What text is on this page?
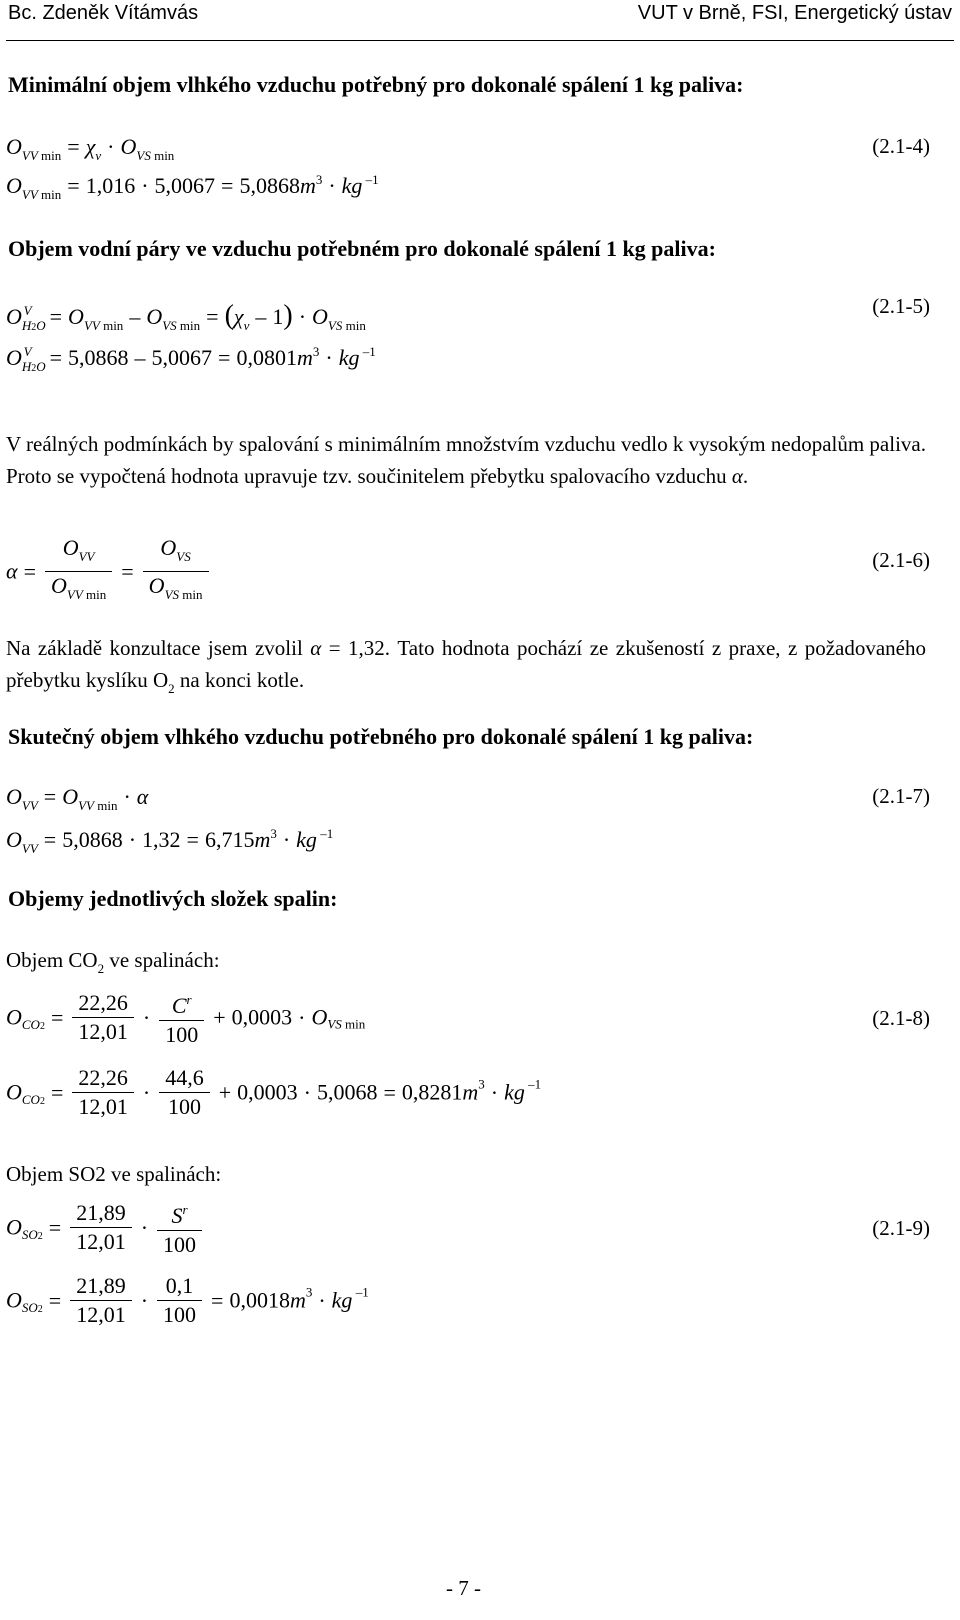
Bc. Zdeněk Vítámvás	VUT v Brně, FSI, Energetický ústav
Minimální objem vlhkého vzduchu potřebný pro dokonalé spálení 1 kg paliva:
$O_{VV}$ $_{min} = \chi_v \cdot O_{VS}$ $_{min}$	(2.1-4)
$O_{VV}$ $_{min} = 1,016 \cdot 5,0067 = 5,0868m^3$ · kg $^{-1}$
Objem vodní páry ve vzduchu potřebném pro dokonalé spálení 1 kg paliva:
$O_{H2O}^V = O_{VV}$ $_{min} - O_{VS}$ $_{min} = (\chi_v - 1) \cdot O_{VS}$ $_{min}$
(2.1-5)
$O_{H2O}^V = 5,0868 - 5,0067 = 0,0801m^3$ · kg $^{-1}$
V reálných podmínkách by spalování s minimálním množstvím vzduchu vedlo k vysokým nedopalům paliva. Proto se vypočtená hodnota upravuje tzv. součinitelem přebytku spalovacího vzduchu α.
$\alpha = \frac{O_{VV}}{O_{VV} _{min}} = \frac{O_{VS}}{O_{VS} _{min}}$	(2.1-6)
Na základě konzultace jsem zvolil α = 1,32. Tato hodnota pochází ze zkušeností z praxe, z požadovaného přebytku kyslíku $O_2$ na konci kotle.
Skutečný objem vlhkého vzduchu potřebného pro dokonalé spálení 1 kg paliva:
$O_{VV} = O_{VV}$ $_{min}$ · α	(2.1-7)
$O_{VV} = 5,0868 \cdot 1,32 = 6,715m^3$ · kg $^{-1}$
Objemy jednotlivých složek spalin:
Objem $CO_2$ ve spalinách:
$O_{CO2} = \frac{22,26}{12,01} \cdot \frac{C^r}{100} + 0,0003 \cdot O_{VS}$ $_{min}$	(2.1-8)
$O_{CO2} = \frac{22,26}{12,01} \cdot \frac{44,6}{100} + 0,0003 \cdot 5,0068 = 0,8281m^3$ · kg $^{-1}$
Objem SO2 ve spalinách:
$O_{SO2} = \frac{21,89}{12,01} \cdot \frac{S^r}{100}$	(2.1-9)
$O_{SO2} = \frac{21,89}{12,01} \cdot \frac{0,1}{100} = 0,0018m^3$ · kg $^{-1}$
- 7 -
